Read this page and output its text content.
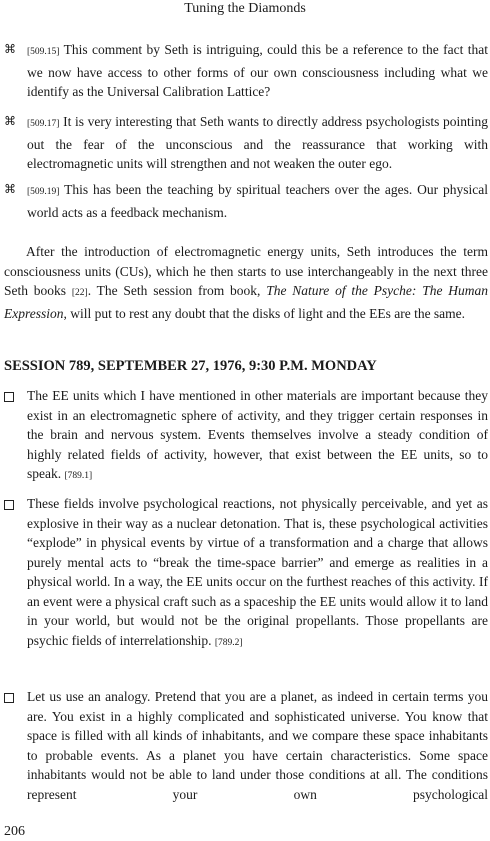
Tuning the Diamonds
⌘ [509.15] This comment by Seth is intriguing, could this be a reference to the fact that we now have access to other forms of our own consciousness including what we identify as the Universal Calibration Lattice?
⌘ [509.17] It is very interesting that Seth wants to directly address psychologists pointing out the fear of the unconscious and the reassurance that working with electromagnetic units will strengthen and not weaken the outer ego.
⌘ [509.19] This has been the teaching by spiritual teachers over the ages. Our physical world acts as a feedback mechanism.
After the introduction of electromagnetic energy units, Seth introduces the term consciousness units (CUs), which he then starts to use interchangeably in the next three Seth books [22]. The Seth session from book, The Nature of the Psyche: The Human Expression, will put to rest any doubt that the disks of light and the EEs are the same.
SESSION 789, SEPTEMBER 27, 1976, 9:30 P.M. MONDAY
The EE units which I have mentioned in other materials are important because they exist in an electromagnetic sphere of activity, and they trigger certain responses in the brain and nervous system. Events themselves involve a steady condition of highly related fields of activity, however, that exist between the EE units, so to speak. [789.1]
These fields involve psychological reactions, not physically perceivable, and yet as explosive in their way as a nuclear detonation. That is, these psychological activities “explode” in physical events by virtue of a transformation and a charge that allows purely mental acts to “break the time-space barrier” and emerge as realities in a physical world. In a way, the EE units occur on the furthest reaches of this activity. If an event were a physical craft such as a spaceship the EE units would allow it to land in your world, but would not be the original propellants. Those propellants are psychic fields of interrelationship. [789.2]
Let us use an analogy. Pretend that you are a planet, as indeed in certain terms you are. You exist in a highly complicated and sophisticated universe. You know that space is filled with all kinds of inhabitants, and we compare these space inhabitants to probable events. As a planet you have certain characteristics. Some space inhabitants would not be able to land under those conditions at all. The conditions represent your own psychological
206
